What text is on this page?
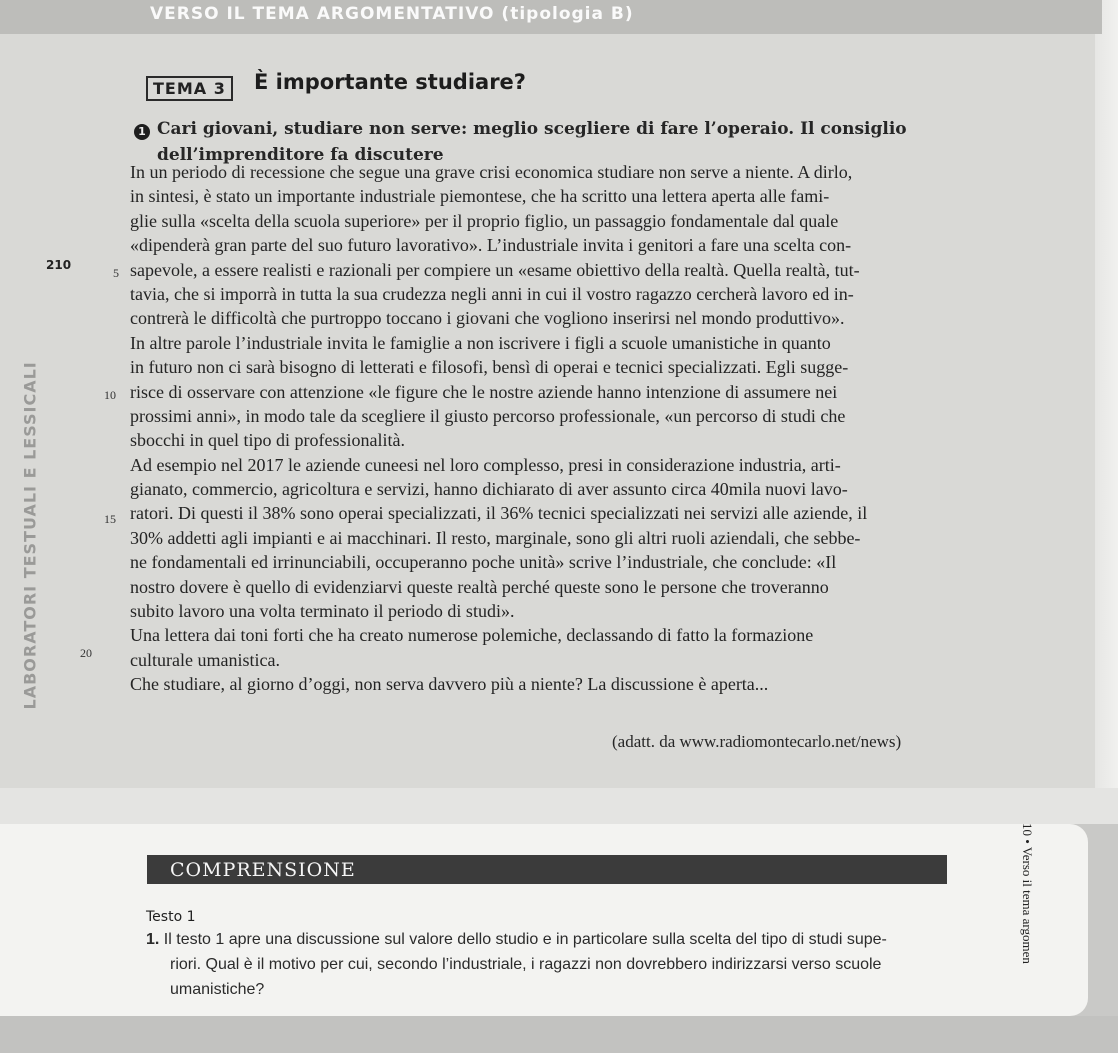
VERSO IL TEMA ARGOMENTATIVO (tipologia B)
TEMA 3	È importante studiare?
1 Cari giovani, studiare non serve: meglio scegliere di fare l’operaio. Il consiglio
dell’imprenditore fa discutere
210
LABORATORI TESTUALI E LESSICALI
In un periodo di recessione che segue una grave crisi economica studiare non serve a niente. A dirlo,
in sintesi, è stato un importante industriale piemontese, che ha scritto una lettera aperta alle fami-
glie sulla «scelta della scuola superiore» per il proprio figlio, un passaggio fondamentale dal quale
«dipenderà gran parte del suo futuro lavorativo». L’industriale invita i genitori a fare una scelta con-
sapevole, a essere realisti e razionali per compiere un «esame obiettivo della realtà. Quella realtà, tut-
tavia, che si imporrà in tutta la sua crudezza negli anni in cui il vostro ragazzo cercherà lavoro ed in-
contrerà le difficoltà che purtroppo toccano i giovani che vogliono inserirsi nel mondo produttivo».
In altre parole l’industriale invita le famiglie a non iscrivere i figli a scuole umanistiche in quanto
in futuro non ci sarà bisogno di letterati e filosofi, bensì di operai e tecnici specializzati. Egli sugge-
risce di osservare con attenzione «le figure che le nostre aziende hanno intenzione di assumere nei
prossimi anni», in modo tale da scegliere il giusto percorso professionale, «un percorso di studi che
sbocchi in quel tipo di professionalità.
Ad esempio nel 2017 le aziende cuneesi nel loro complesso, presi in considerazione industria, arti-
gianato, commercio, agricoltura e servizi, hanno dichiarato di aver assunto circa 40mila nuovi lavo-
ratori. Di questi il 38% sono operai specializzati, il 36% tecnici specializzati nei servizi alle aziende, il
30% addetti agli impianti e ai macchinari. Il resto, marginale, sono gli altri ruoli aziendali, che sebbe-
ne fondamentali ed irrinunciabili, occuperanno poche unità» scrive l’industriale, che conclude: «Il
nostro dovere è quello di evidenziarvi queste realtà perché queste sono le persone che troveranno
subito lavoro una volta terminato il periodo di studi».
Una lettera dai toni forti che ha creato numerose polemiche, declassando di fatto la formazione
culturale umanistica.
Che studiare, al giorno d’oggi, non serva davvero più a niente? La discussione è aperta...
5
10
15
20
(adatt. da www.radiomontecarlo.net/news)
COMPRENSIONE
Testo 1
1. Il testo 1 apre una discussione sul valore dello studio e in particolare sulla scelta del tipo di studi supe-
riori. Qual è il motivo per cui, secondo l’industriale, i ragazzi non dovrebbero indirizzarsi verso scuole
umanistiche?
10 • Verso il tema argomen
